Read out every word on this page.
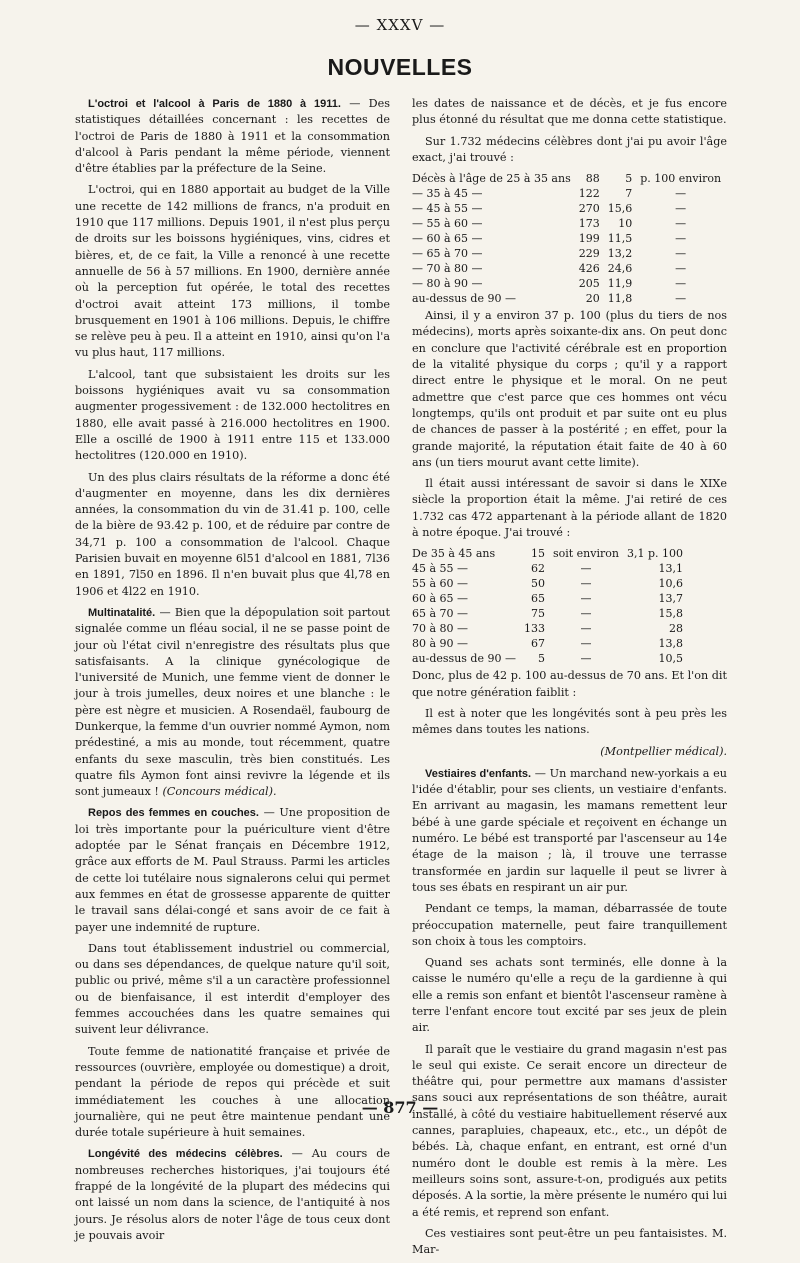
— XXXV —
NOUVELLES

L'octroi et l'alcool à Paris de 1880 à 1911. — Des statistiques détaillées concernant : les recettes de l'octroi de Paris de 1880 à 1911 et la consommation d'alcool à Paris pendant la même période, viennent d'être établies par la préfecture de la Seine.

L'octroi, qui en 1880 apportait au budget de la Ville une recette de 142 millions de francs, n'a produit en 1910 que 117 millions. Depuis 1901, il n'est plus perçu de droits sur les boissons hygiéniques, vins, cidres et bières, et, de ce fait, la Ville a renoncé à une recette annuelle de 56 à 57 millions. En 1900, dernière année où la perception fut opérée, le total des recettes d'octroi avait atteint 173 millions, il tombe brusquement en 1901 à 106 millions. Depuis, le chiffre se relève peu à peu. Il a atteint en 1910, ainsi qu'on l'a vu plus haut, 117 millions.

L'alcool, tant que subsistaient les droits sur les boissons hygiéniques avait vu sa consommation augmenter progessivement : de 132.000 hectolitres en 1880, elle avait passé à 216.000 hectolitres en 1900. Elle a oscillé de 1900 à 1911 entre 115 et 133.000 hectolitres (120.000 en 1910).

Un des plus clairs résultats de la réforme a donc été d'augmenter en moyenne, dans les dix dernières années, la consommation du vin de 31.41 p. 100, celle de la bière de 93.42 p. 100, et de réduire par contre de 34,71 p. 100 a consommation de l'alcool. Chaque Parisien buvait en moyenne 6l51 d'alcool en 1881, 7l36 en 1891, 7l50 en 1896. Il n'en buvait plus que 4l,78 en 1906 et 4l22 en 1910.

Multinatalité. — Bien que la dépopulation soit partout signalée comme un fléau social, il ne se passe point de jour où l'état civil n'enregistre des résultats plus que satisfaisants. A la clinique gynécologique de l'université de Munich, une femme vient de donner le jour à trois jumelles, deux noires et une blanche : le père est nègre et musicien. A Rosendaël, faubourg de Dunkerque, la femme d'un ouvrier nommé Aymon, nom prédestiné, a mis au monde, tout récemment, quatre enfants du sexe masculin, très bien constitués. Les quatre fils Aymon font ainsi revivre la légende et ils sont jumeaux ! (Concours médical).

Repos des femmes en couches. — Une proposition de loi très importante pour la puériculture vient d'être adoptée par le Sénat français en Décembre 1912, grâce aux efforts de M. Paul Strauss. Parmi les articles de cette loi tutélaire nous signalerons celui qui permet aux femmes en état de grossesse apparente de quitter le travail sans délai-congé et sans avoir de ce fait à payer une indemnité de rupture.

Dans tout établissement industriel ou commercial, ou dans ses dépendances, de quelque nature qu'il soit, public ou privé, même s'il a un caractère professionnel ou de bienfaisance, il est interdit d'employer des femmes accouchées dans les quatre semaines qui suivent leur délivrance.

Toute femme de nationatité française et privée de ressources (ouvrière, employée ou domestique) a droit, pendant la période de repos qui précède et suit immédiatement les couches à une allocation journalière, qui ne peut être maintenue pendant une durée totale supérieure à huit semaines.

Longévité des médecins célèbres. — Au cours de nombreuses recherches historiques, j'ai toujours été frappé de la longévité de la plupart des médecins qui ont laissé un nom dans la science, de l'antiquité à nos jours. Je résolus alors de noter l'âge de tous ceux dont je pouvais avoir

les dates de naissance et de décès, et je fus encore plus étonné du résultat que me donna cette statistique.

Sur 1.732 médecins célèbres dont j'ai pu avoir l'âge exact, j'ai trouvé :

Décès à l'âge de 25 à 35 ans	88	5	p. 100 environ
— 35 à 45 —	122	7	—
— 45 à 55 —	270	15,6	—
— 55 à 60 —	173	10	—
— 60 à 65 —	199	11,5	—
— 65 à 70 —	229	13,2	—
— 70 à 80 —	426	24,6	—
— 80 à 90 —	205	11,9	—
au-dessus de 90 —	20	11,8	—

Ainsi, il y a environ 37 p. 100 (plus du tiers de nos médecins), morts après soixante-dix ans. On peut donc en conclure que l'activité cérébrale est en proportion de la vitalité physique du corps ; qu'il y a rapport direct entre le physique et le moral. On ne peut admettre que c'est parce que ces hommes ont vécu longtemps, qu'ils ont produit et par suite ont eu plus de chances de passer à la postérité ; en effet, pour la grande majorité, la réputation était faite de 40 à 60 ans (un tiers mourut avant cette limite).

Il était aussi intéressant de savoir si dans le XIXe siècle la proportion était la même. J'ai retiré de ces 1.732 cas 472 appartenant à la période allant de 1820 à notre époque. J'ai trouvé :

De 35 à 45 ans	15	soit environ	3,1 p. 100
45 à 55 —	62	—	13,1
55 à 60 —	50	—	10,6
60 à 65 —	65	—	13,7
65 à 70 —	75	—	15,8
70 à 80 —	133	—	28
80 à 90 —	67	—	13,8
au-dessus de 90 —	5	—	10,5

Donc, plus de 42 p. 100 au-dessus de 70 ans. Et l'on dit que notre génération faiblit :

Il est à noter que les longévités sont à peu près les mêmes dans toutes les nations.

(Montpellier médical).

Vestiaires d'enfants. — Un marchand new-yorkais a eu l'idée d'établir, pour ses clients, un vestiaire d'enfants. En arrivant au magasin, les mamans remettent leur bébé à une garde spéciale et reçoivent en échange un numéro. Le bébé est transporté par l'ascenseur au 14e étage de la maison ; là, il trouve une terrasse transformée en jardin sur laquelle il peut se livrer à tous ses ébats en respirant un air pur.

Pendant ce temps, la maman, débarrassée de toute préoccupation maternelle, peut faire tranquillement son choix à tous les comptoirs.

Quand ses achats sont terminés, elle donne à la caisse le numéro qu'elle a reçu de la gardienne à qui elle a remis son enfant et bientôt l'ascenseur ramène à terre l'enfant encore tout excité par ses jeux de plein air.

Il paraît que le vestiaire du grand magasin n'est pas le seul qui existe. Ce serait encore un directeur de théâtre qui, pour permettre aux mamans d'assister sans souci aux représentations de son théâtre, aurait installé, à côté du vestiaire habituellement réservé aux cannes, parapluies, chapeaux, etc., etc., un dépôt de bébés. Là, chaque enfant, en entrant, est orné d'un numéro dont le double est remis à la mère. Les meilleurs soins sont, assure-t-on, prodigués aux petits déposés. A la sortie, la mère présente le numéro qui lui a été remis, et reprend son enfant.

Ces vestiaires sont peut-être un peu fantaisistes. M. Mar-

— 877 —
